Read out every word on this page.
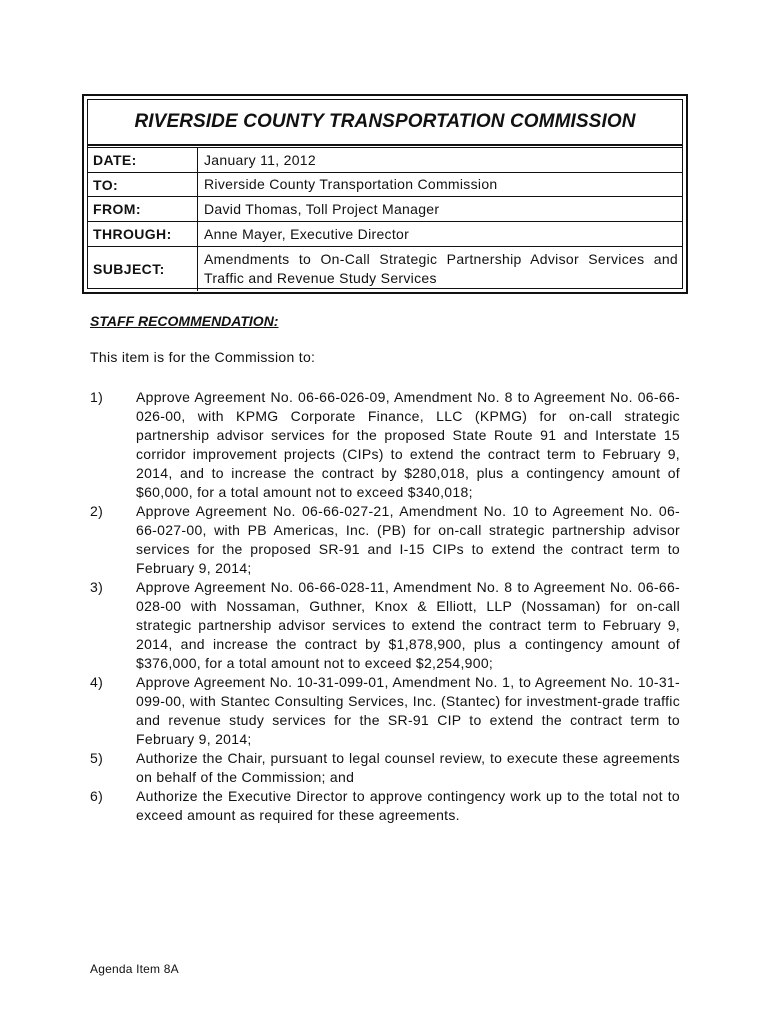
RIVERSIDE COUNTY TRANSPORTATION COMMISSION
DATE:	January 11, 2012
TO:	Riverside County Transportation Commission
FROM:	David Thomas, Toll Project Manager
THROUGH:	Anne Mayer, Executive Director
SUBJECT:
Amendments to On-Call Strategic Partnership Advisor Services and Traffic and Revenue Study Services
STAFF RECOMMENDATION:
This item is for the Commission to:
1)	Approve Agreement No. 06-66-026-09, Amendment No. 8 to Agreement No. 06-66-026-00, with KPMG Corporate Finance, LLC (KPMG) for on-call strategic partnership advisor services for the proposed State Route 91 and Interstate 15 corridor improvement projects (CIPs) to extend the contract term to February 9, 2014, and to increase the contract by $280,018, plus a contingency amount of $60,000, for a total amount not to exceed $340,018;
2)	Approve Agreement No. 06-66-027-21, Amendment No. 10 to Agreement No. 06-66-027-00, with PB Americas, Inc. (PB) for on-call strategic partnership advisor services for the proposed SR-91 and I-15 CIPs to extend the contract term to February 9, 2014;
3)	Approve Agreement No. 06-66-028-11, Amendment No. 8 to Agreement No. 06-66-028-00 with Nossaman, Guthner, Knox & Elliott, LLP (Nossaman) for on-call strategic partnership advisor services to extend the contract term to February 9, 2014, and increase the contract by $1,878,900, plus a contingency amount of $376,000, for a total amount not to exceed $2,254,900;
4)	Approve Agreement No. 10-31-099-01, Amendment No. 1, to Agreement No. 10-31-099-00, with Stantec Consulting Services, Inc. (Stantec) for investment-grade traffic and revenue study services for the SR-91 CIP to extend the contract term to February 9, 2014;
5)	Authorize the Chair, pursuant to legal counsel review, to execute these agreements on behalf of the Commission; and
6)	Authorize the Executive Director to approve contingency work up to the total not to exceed amount as required for these agreements.
Agenda Item 8A
